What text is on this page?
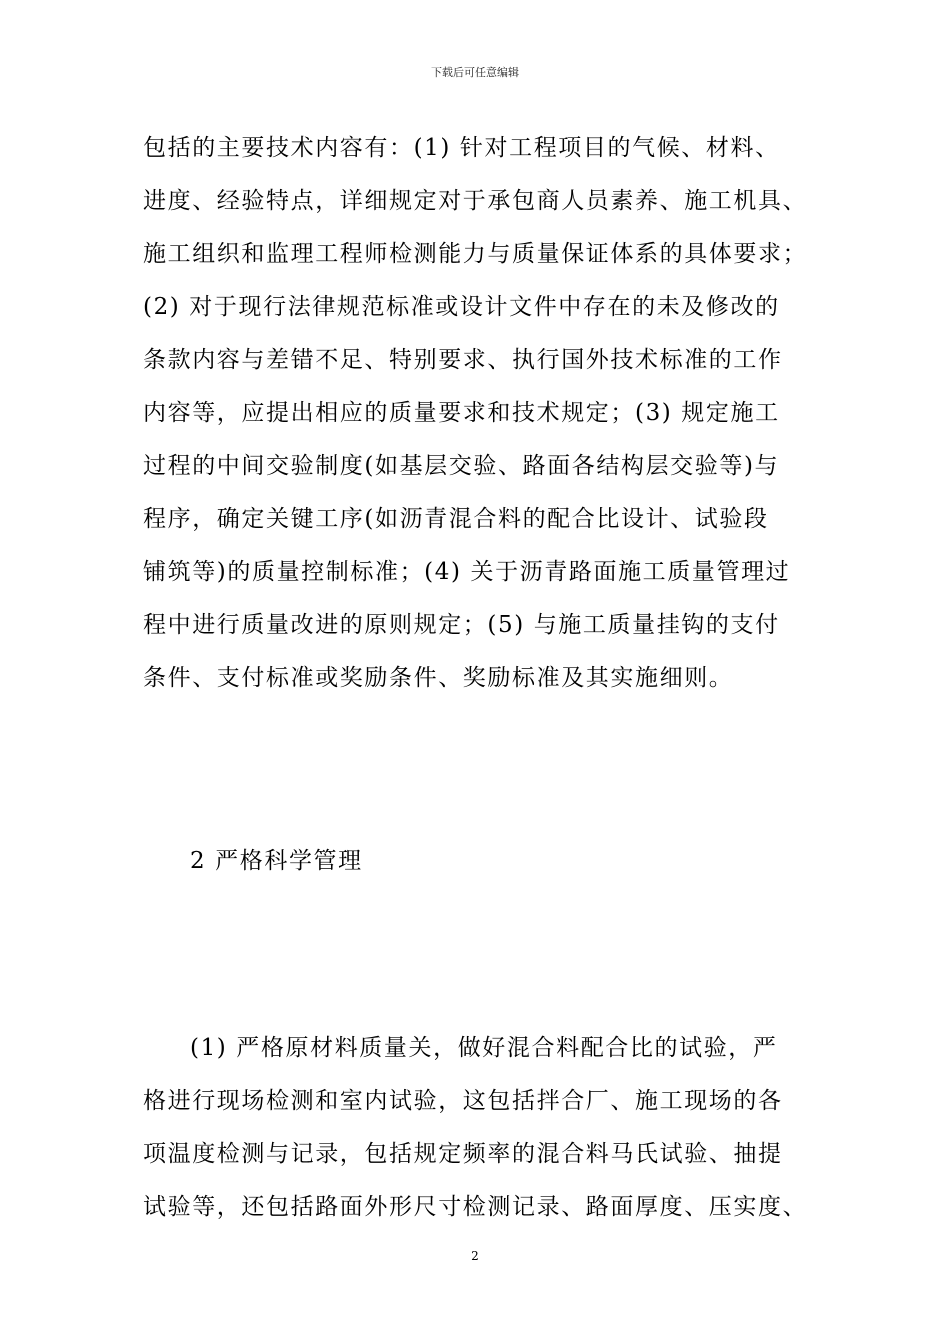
下载后可任意编辑
包括的主要技术内容有：(1) 针对工程项目的气候、材料、
进度、经验特点，详细规定对于承包商人员素养、施工机具、
施工组织和监理工程师检测能力与质量保证体系的具体要求；
(2) 对于现行法律规范标准或设计文件中存在的未及修改的
条款内容与差错不足、特别要求、执行国外技术标准的工作
内容等，应提出相应的质量要求和技术规定；(3) 规定施工
过程的中间交验制度(如基层交验、路面各结构层交验等)与
程序，确定关键工序(如沥青混合料的配合比设计、试验段
铺筑等)的质量控制标准；(4) 关于沥青路面施工质量管理过
程中进行质量改进的原则规定；(5) 与施工质量挂钩的支付
条件、支付标准或奖励条件、奖励标准及其实施细则。
2 严格科学管理
(1) 严格原材料质量关，做好混合料配合比的试验，严
格进行现场检测和室内试验，这包括拌合厂、施工现场的各
项温度检测与记录，包括规定频率的混合料马氏试验、抽提
试验等，还包括路面外形尺寸检测记录、路面厚度、压实度、
2
